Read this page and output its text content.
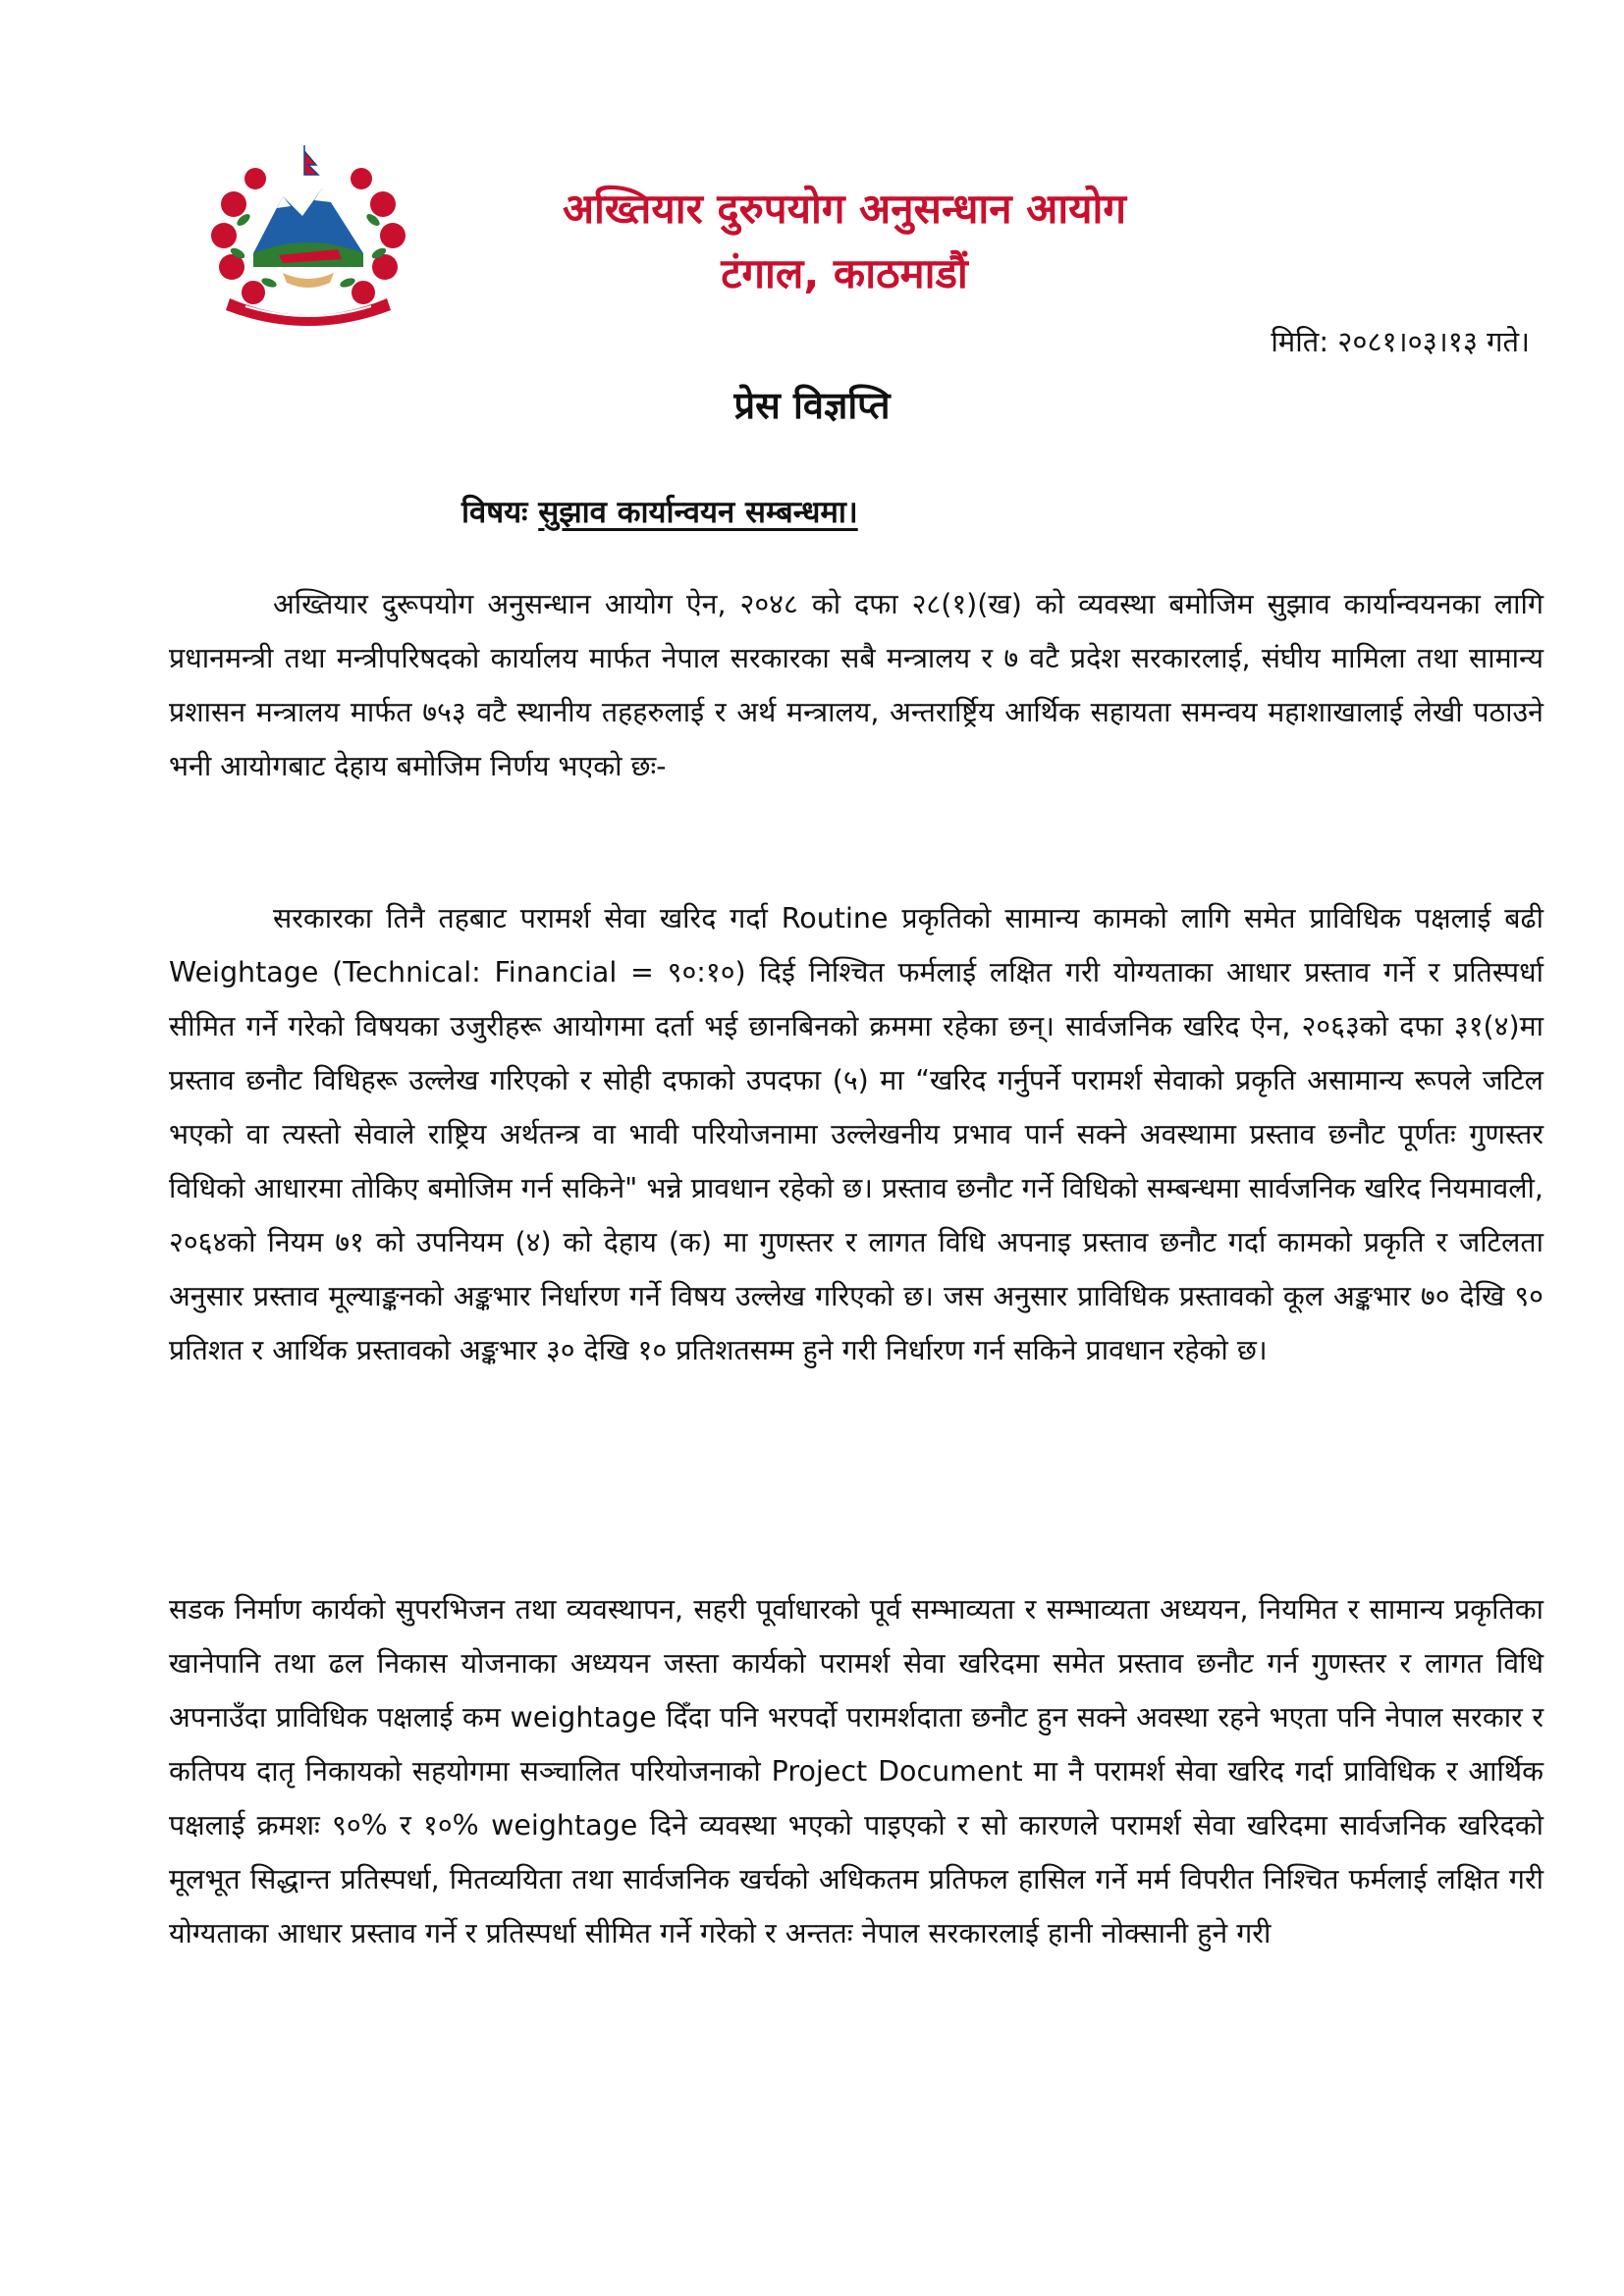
अख्तियार दुरुपयोग अनुसन्धान आयोग
टंगाल, काठमाडौं
मिति: २०८१।०३।१३ गते।
प्रेस विज्ञप्ति
विषयः सुझाव कार्यान्वयन सम्बन्धमा।
अख्तियार दुरूपयोग अनुसन्धान आयोग ऐन, २०४८ को दफा २८(१)(ख) को व्यवस्था बमोजिम सुझाव कार्यान्वयनका लागि प्रधानमन्त्री तथा मन्त्रीपरिषदको कार्यालय मार्फत नेपाल सरकारका सबै मन्त्रालय र ७ वटै प्रदेश सरकारलाई, संघीय मामिला तथा सामान्य प्रशासन मन्त्रालय मार्फत ७५३ वटै स्थानीय तहहरुलाई र अर्थ मन्त्रालय, अन्तरार्ष्ट्रिय आर्थिक सहायता समन्वय महाशाखालाई लेखी पठाउने भनी आयोगबाट देहाय बमोजिम निर्णय भएको छः-
सरकारका तिनै तहबाट परामर्श सेवा खरिद गर्दा Routine प्रकृतिको सामान्य कामको लागि समेत प्राविधिक पक्षलाई बढी Weightage (Technical: Financial = ९०:१०) दिई निश्चित फर्मलाई लक्षित गरी योग्यताका आधार प्रस्ताव गर्ने र प्रतिस्पर्धा सीमित गर्ने गरेको विषयका उजुरीहरू आयोगमा दर्ता भई छानबिनको क्रममा रहेका छन्। सार्वजनिक खरिद ऐन, २०६३को दफा ३१(४)मा प्रस्ताव छनौट विधिहरू उल्लेख गरिएको र सोही दफाको उपदफा (५) मा “खरिद गर्नुपर्ने परामर्श सेवाको प्रकृति असामान्य रूपले जटिल भएको वा त्यस्तो सेवाले राष्ट्रिय अर्थतन्त्र वा भावी परियोजनामा उल्लेखनीय प्रभाव पार्न सक्ने अवस्थामा प्रस्ताव छनौट पूर्णतः गुणस्तर विधिको आधारमा तोकिए बमोजिम गर्न सकिने" भन्ने प्रावधान रहेको छ। प्रस्ताव छनौट गर्ने विधिको सम्बन्धमा सार्वजनिक खरिद नियमावली, २०६४को नियम ७१ को उपनियम (४) को देहाय (क) मा गुणस्तर र लागत विधि अपनाइ प्रस्ताव छनौट गर्दा कामको प्रकृति र जटिलता अनुसार प्रस्ताव मूल्याङ्कनको अङ्कभार निर्धारण गर्ने विषय उल्लेख गरिएको छ। जस अनुसार प्राविधिक प्रस्तावको कूल अङ्कभार ७० देखि ९० प्रतिशत र आर्थिक प्रस्तावको अङ्कभार ३० देखि १० प्रतिशतसम्म हुने गरी निर्धारण गर्न सकिने प्रावधान रहेको छ।
सडक निर्माण कार्यको सुपरभिजन तथा व्यवस्थापन, सहरी पूर्वाधारको पूर्व सम्भाव्यता र सम्भाव्यता अध्ययन, नियमित र सामान्य प्रकृतिका खानेपानि तथा ढल निकास योजनाका अध्ययन जस्ता कार्यको परामर्श सेवा खरिदमा समेत प्रस्ताव छनौट गर्न गुणस्तर र लागत विधि अपनाउँदा प्राविधिक पक्षलाई कम weightage दिँदा पनि भरपर्दो परामर्शदाता छनौट हुन सक्ने अवस्था रहने भएता पनि नेपाल सरकार र कतिपय दातृ निकायको सहयोगमा सञ्चालित परियोजनाको Project Document मा नै परामर्श सेवा खरिद गर्दा प्राविधिक र आर्थिक पक्षलाई क्रमशः ९०% र १०% weightage दिने व्यवस्था भएको पाइएको र सो कारणले परामर्श सेवा खरिदमा सार्वजनिक खरिदको मूलभूत सिद्धान्त प्रतिस्पर्धा, मितव्ययिता तथा सार्वजनिक खर्चको अधिकतम प्रतिफल हासिल गर्ने मर्म विपरीत निश्चित फर्मलाई लक्षित गरी योग्यताका आधार प्रस्ताव गर्ने र प्रतिस्पर्धा सीमित गर्ने गरेको र अन्ततः नेपाल सरकारलाई हानी नोक्सानी हुने गरी
